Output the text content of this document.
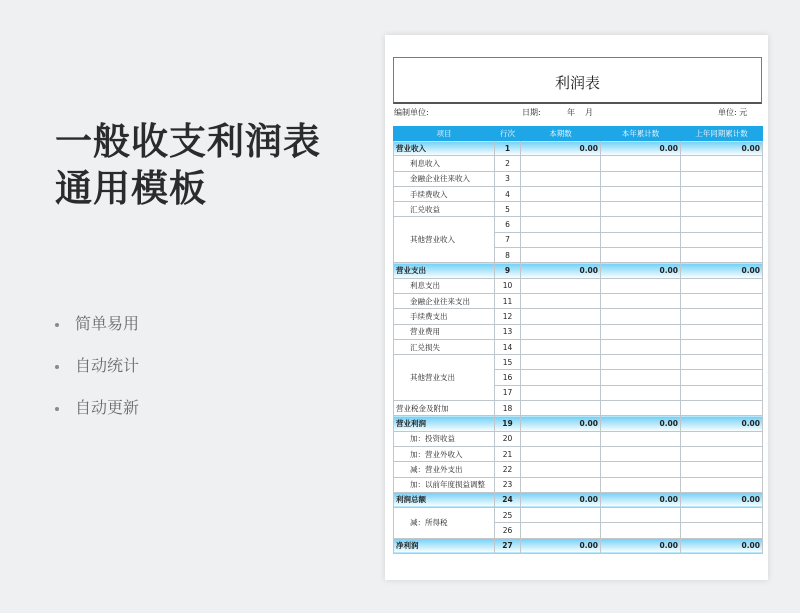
一般收支利润表
通用模板
简单易用
自动统计
自动更新
利润表
编制单位:	日期:	年 月	单位: 元
项目	行次	本期数	本年累计数	上年同期累计数
营业收入	1	0.00	0.00	0.00
利息收入	2			
金融企业往来收入	3			
手续费收入	4			
汇兑收益	5			
其他营业收入	6			
	7			
	8			
营业支出	9	0.00	0.00	0.00
利息支出	10			
金融企业往来支出	11			
手续费支出	12			
营业费用	13			
汇兑损失	14			
其他营业支出	15			
	16			
	17			
营业税金及附加	18			
营业利润	19	0.00	0.00	0.00
加：投资收益	20			
加：营业外收入	21			
减：营业外支出	22			
加：以前年度损益调整	23			
利润总额	24	0.00	0.00	0.00
减：所得税	25			
	26			
净利润	27	0.00	0.00	0.00
